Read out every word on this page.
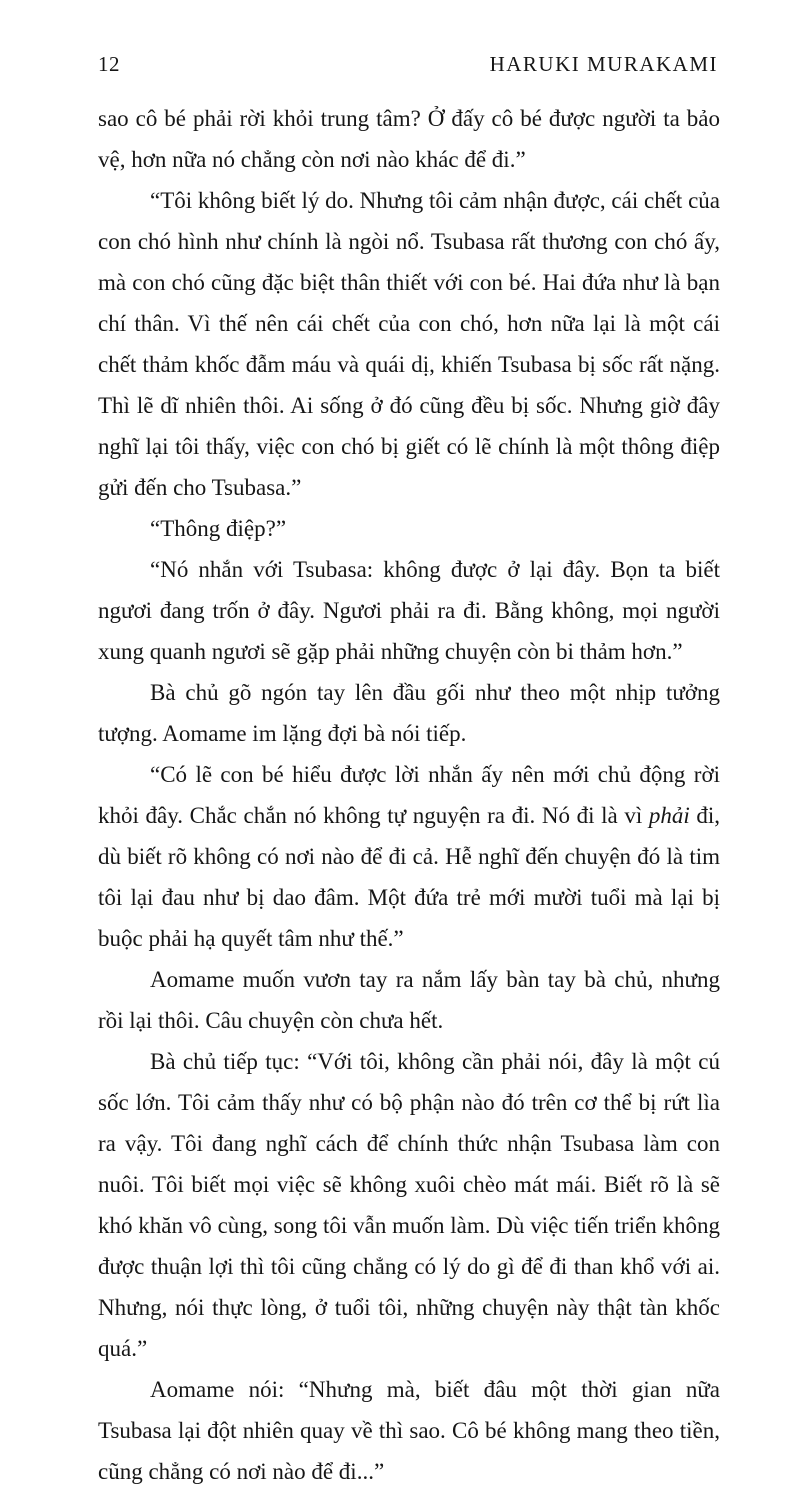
12	HARUKI MURAKAMI

sao cô bé phải rời khỏi trung tâm? Ở đấy cô bé được người ta bảo vệ, hơn nữa nó chẳng còn nơi nào khác để đi.”

“Tôi không biết lý do. Nhưng tôi cảm nhận được, cái chết của con chó hình như chính là ngòi nổ. Tsubasa rất thương con chó ấy, mà con chó cũng đặc biệt thân thiết với con bé. Hai đứa như là bạn chí thân. Vì thế nên cái chết của con chó, hơn nữa lại là một cái chết thảm khốc đẫm máu và quái dị, khiến Tsubasa bị sốc rất nặng. Thì lẽ dĩ nhiên thôi. Ai sống ở đó cũng đều bị sốc. Nhưng giờ đây nghĩ lại tôi thấy, việc con chó bị giết có lẽ chính là một thông điệp gửi đến cho Tsubasa.”

“Thông điệp?”

“Nó nhắn với Tsubasa: không được ở lại đây. Bọn ta biết ngươi đang trốn ở đây. Ngươi phải ra đi. Bằng không, mọi người xung quanh ngươi sẽ gặp phải những chuyện còn bi thảm hơn.”

Bà chủ gõ ngón tay lên đầu gối như theo một nhịp tưởng tượng. Aomame im lặng đợi bà nói tiếp.

“Có lẽ con bé hiểu được lời nhắn ấy nên mới chủ động rời khỏi đây. Chắc chắn nó không tự nguyện ra đi. Nó đi là vì phải đi, dù biết rõ không có nơi nào để đi cả. Hễ nghĩ đến chuyện đó là tim tôi lại đau như bị dao đâm. Một đứa trẻ mới mười tuổi mà lại bị buộc phải hạ quyết tâm như thế.”

Aomame muốn vươn tay ra nắm lấy bàn tay bà chủ, nhưng rồi lại thôi. Câu chuyện còn chưa hết.

Bà chủ tiếp tục: “Với tôi, không cần phải nói, đây là một cú sốc lớn. Tôi cảm thấy như có bộ phận nào đó trên cơ thể bị rứt lìa ra vậy. Tôi đang nghĩ cách để chính thức nhận Tsubasa làm con nuôi. Tôi biết mọi việc sẽ không xuôi chèo mát mái. Biết rõ là sẽ khó khăn vô cùng, song tôi vẫn muốn làm. Dù việc tiến triển không được thuận lợi thì tôi cũng chẳng có lý do gì để đi than khổ với ai. Nhưng, nói thực lòng, ở tuổi tôi, những chuyện này thật tàn khốc quá.”

Aomame nói: “Nhưng mà, biết đâu một thời gian nữa Tsubasa lại đột nhiên quay về thì sao. Cô bé không mang theo tiền, cũng chẳng có nơi nào để đi...”
